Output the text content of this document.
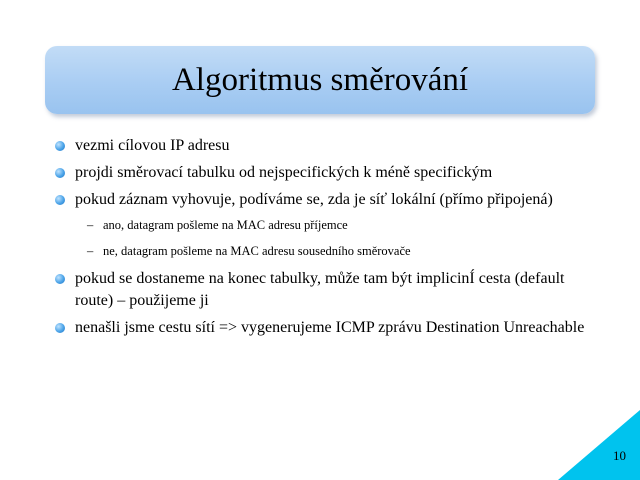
Algoritmus směrování
vezmi cílovou IP adresu
projdi směrovací tabulku od nejspecifických k méně specifickým
pokud záznam vyhovuje, podíváme se, zda je síť lokální (přímo připojená)
– ano, datagram pošleme na MAC adresu příjemce
– ne, datagram pošleme na MAC adresu sousedního směrovače
pokud se dostaneme na konec tabulky, může tam být implicinÍ cesta (default route) – použijeme ji
nenašli jsme cestu sítí => vygenerujeme ICMP zprávu Destination Unreachable
10
